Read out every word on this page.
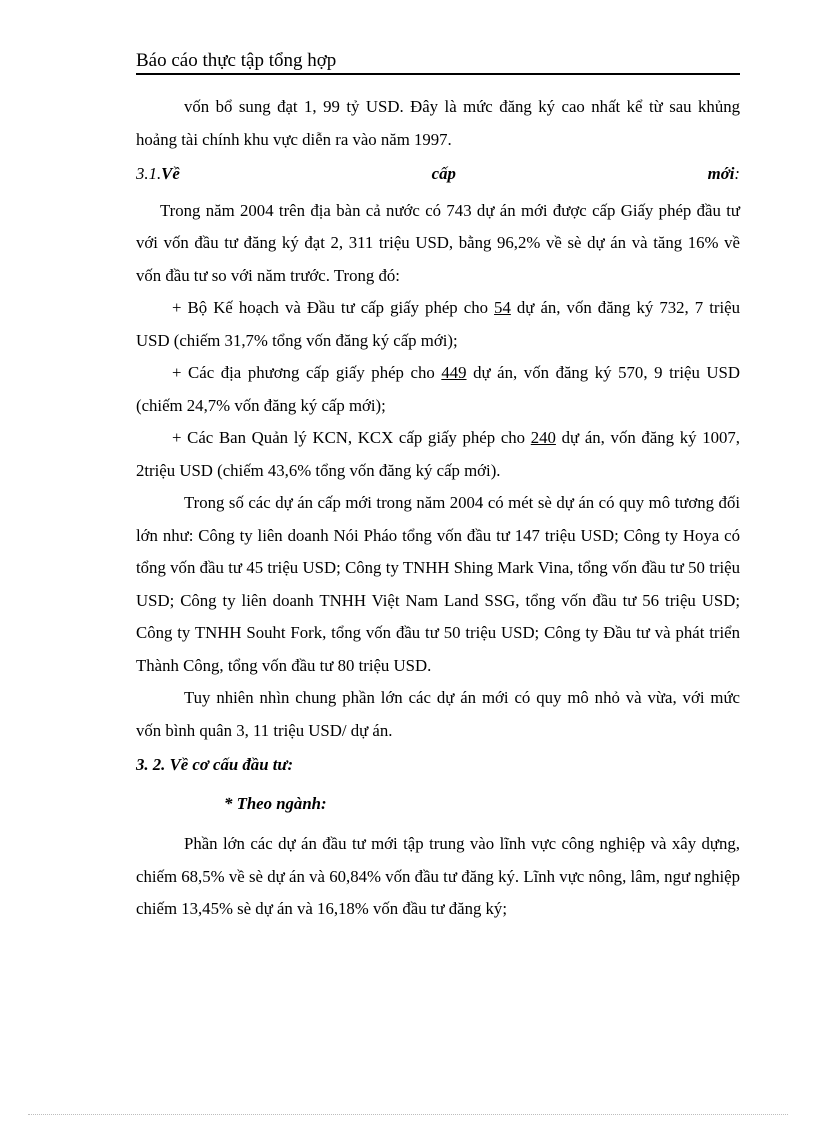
Báo cáo thực tập tổng hợp

vốn bổ sung đạt 1, 99 tỷ USD. Đây là mức đăng ký cao nhất kể từ sau khủng hoảng tài chính khu vực diễn ra vào năm 1997.

3.1.Về	cấp	mới:

Trong năm 2004 trên địa bàn cả nước có 743 dự án mới được cấp Giấy phép đầu tư với vốn đầu tư đăng ký đạt 2, 311 triệu USD, bằng 96,2% về sè dự án và tăng 16% về vốn đầu tư so với năm trước. Trong đó:

+ Bộ Kế hoạch và Đầu tư cấp giấy phép cho 54 dự án, vốn đăng ký 732, 7 triệu USD (chiếm 31,7% tổng vốn đăng ký cấp mới);

+ Các địa phương cấp giấy phép cho 449 dự án, vốn đăng ký 570, 9 triệu USD (chiếm 24,7% vốn đăng ký cấp mới);

+ Các Ban Quản lý KCN, KCX cấp giấy phép cho 240 dự án, vốn đăng ký 1007, 2triệu USD (chiếm 43,6% tổng vốn đăng ký cấp mới).

Trong số các dự án cấp mới trong năm 2004 có mét sè dự án có quy mô tương đối lớn như: Công ty liên doanh Nói Pháo tổng vốn đầu tư 147 triệu USD; Công ty Hoya có tổng vốn đầu tư 45 triệu USD; Công ty TNHH Shing Mark Vina, tổng vốn đầu tư 50 triệu USD; Công ty liên doanh TNHH Việt Nam Land SSG, tổng vốn đầu tư 56 triệu USD; Công ty TNHH Souht Fork, tổng vốn đầu tư 50 triệu USD; Công ty Đầu tư và phát triển Thành Công, tổng vốn đầu tư 80 triệu USD.

Tuy nhiên nhìn chung phần lớn các dự án mới có quy mô nhỏ và vừa, với mức vốn bình quân 3, 11 triệu USD/ dự án.

3. 2. Về cơ cấu đầu tư:

* Theo ngành:

Phần lớn các dự án đầu tư mới tập trung vào lĩnh vực công nghiệp và xây dựng, chiếm 68,5% về sè dự án và 60,84% vốn đầu tư đăng ký. Lĩnh vực nông, lâm, ngư nghiệp chiếm 13,45% sè dự án và 16,18% vốn đầu tư đăng ký;
